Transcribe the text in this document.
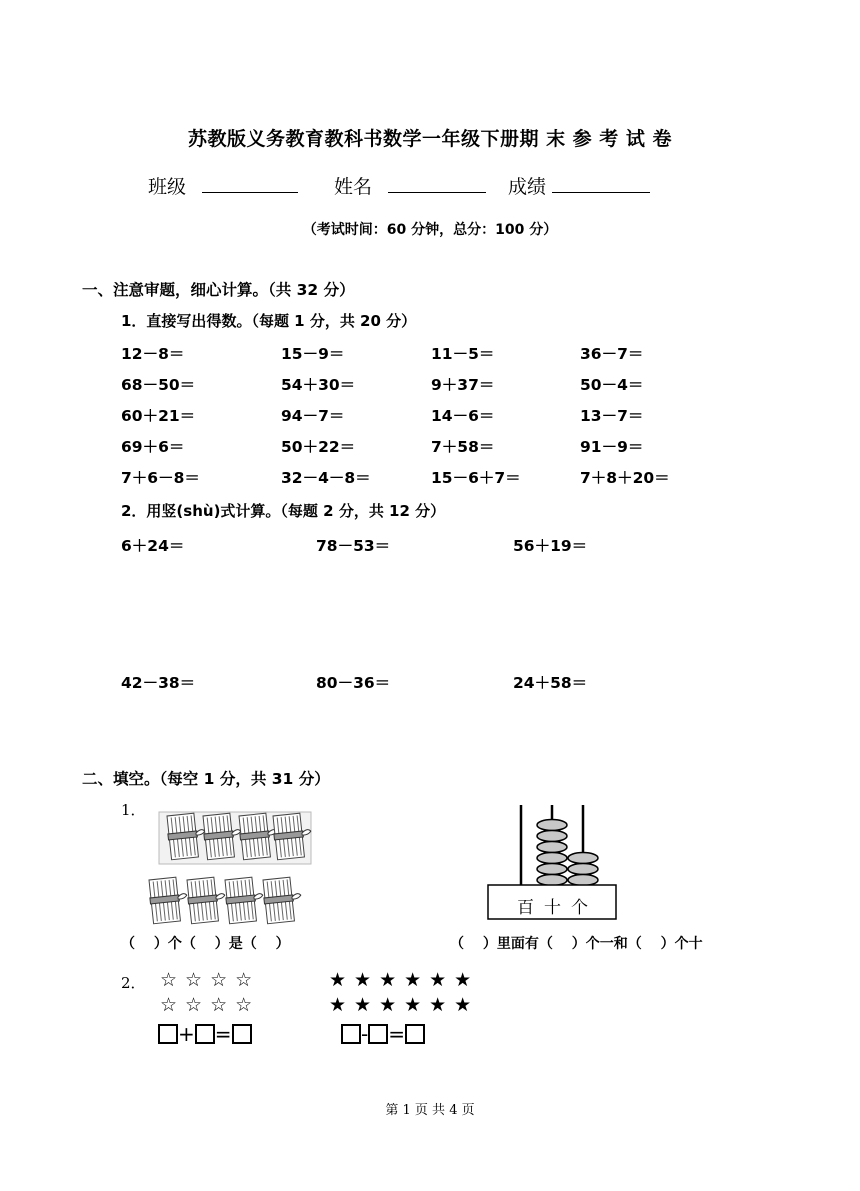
苏教版义务教育教科书数学一年级下册期 末 参 考 试 卷
班级	姓名	成绩
（考试时间：60 分钟，总分：100 分）
一、注意审题，细心计算。（共 32 分）
1．直接写出得数。（每题 1 分，共 20 分）
12－8＝	15－9＝	11－5＝	36－7＝
68－50＝	54＋30＝	9＋37＝	50－4＝
60＋21＝	94－7＝	14－6＝	13－7＝
69＋6＝	50＋22＝	7＋58＝	91－9＝
7＋6－8＝	32－4－8＝	15－6＋7＝	7＋8＋20＝
2．用竖(shù)式计算。（每题 2 分，共 12 分）
6＋24＝	78－53＝	56＋19＝
42－38＝	80－36＝	24＋58＝
二、填空。（每空 1 分，共 31 分）
1．
（　 ）个（　 ）是（　 ）
百十个
（　 ）里面有（　 ）个一和（　 ）个十
2． ☆☆☆☆
☆☆☆☆
★★★★★★
★★★★★★
+ =	- =
第 1 页 共 4 页
